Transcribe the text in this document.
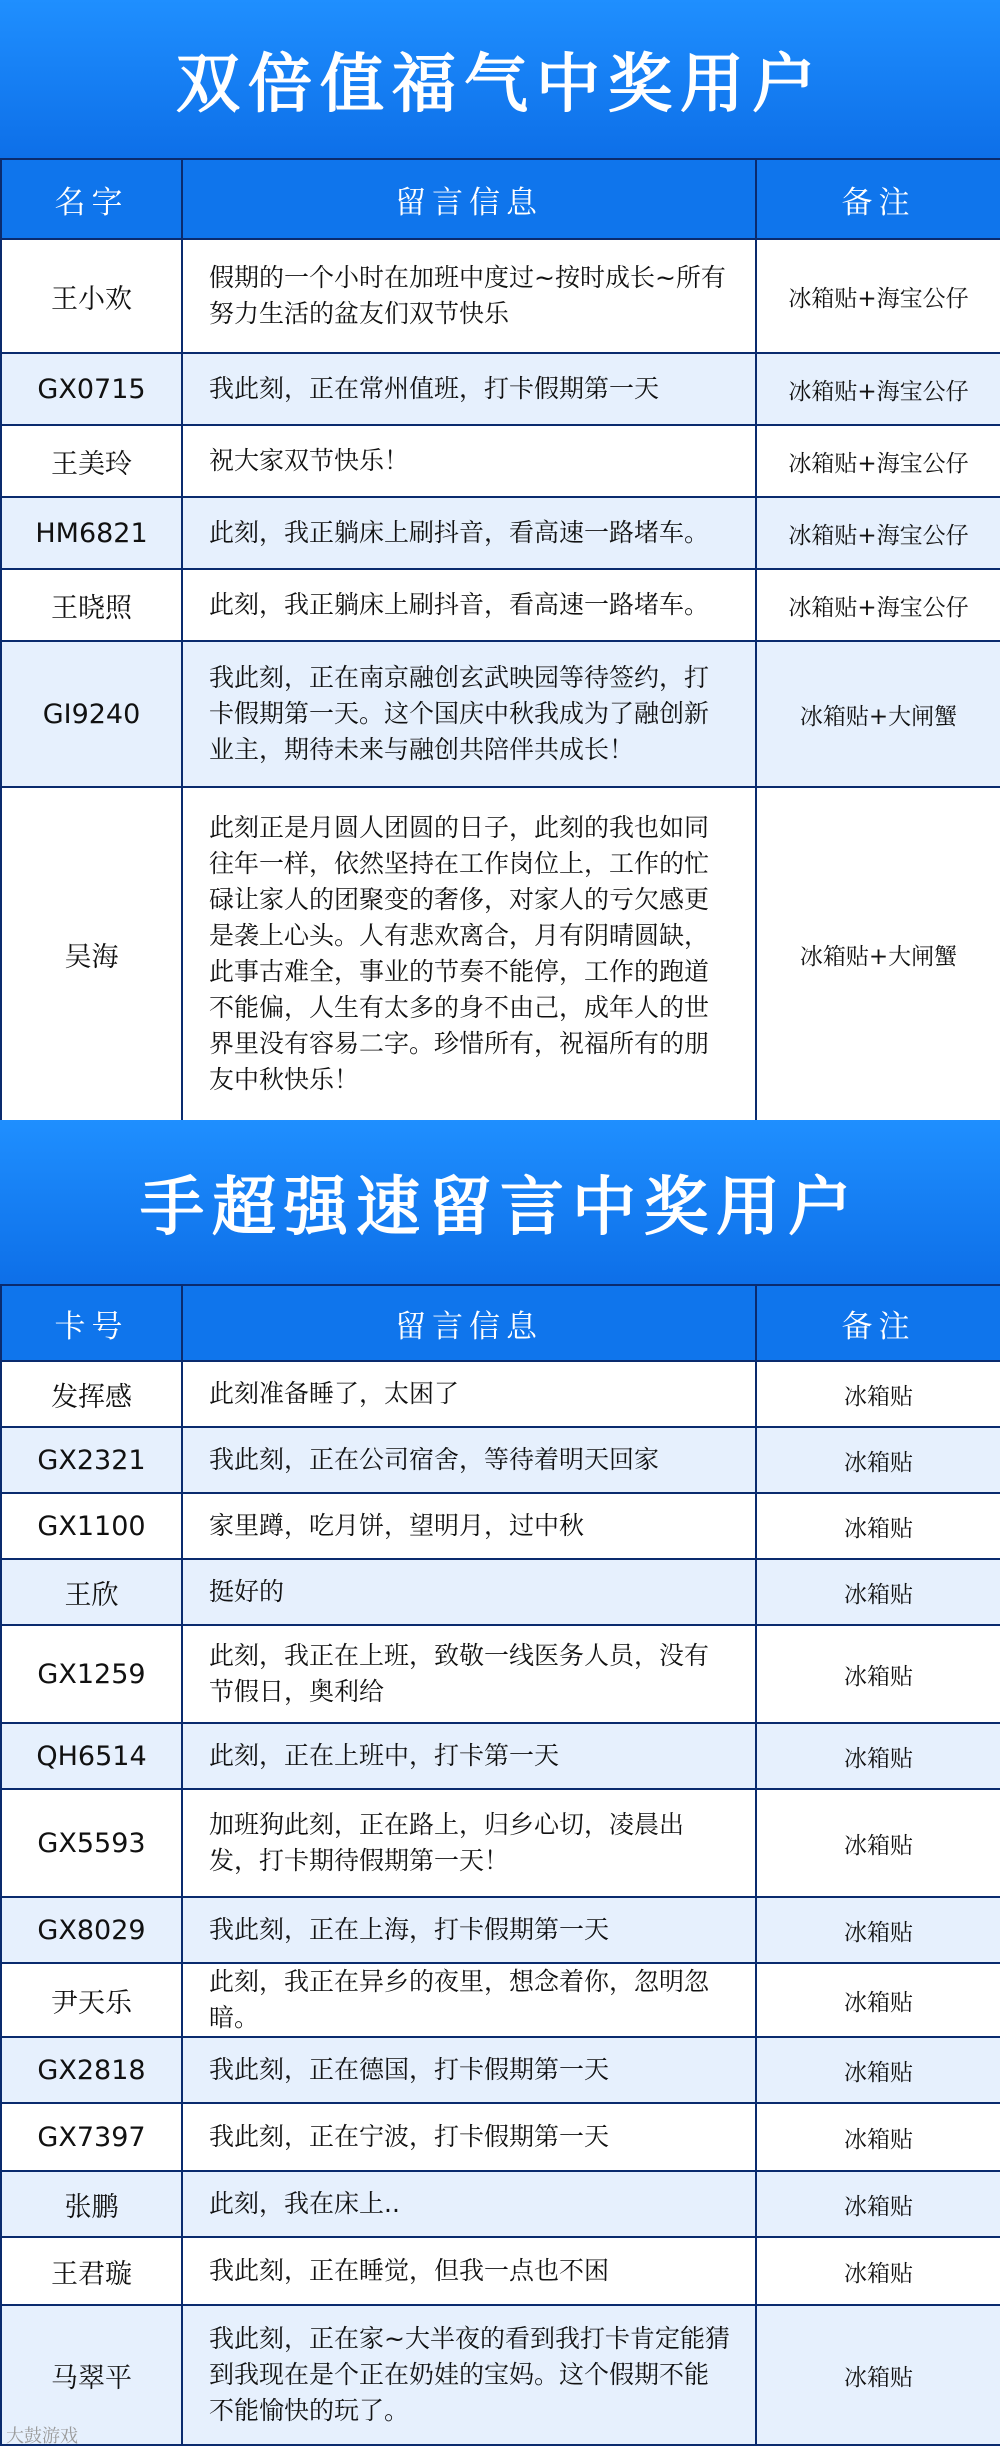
双倍值福气中奖用户
名字	留言信息	备注
王小欢	假期的一个小时在加班中度过~按时成长~所有努力生活的盆友们双节快乐	冰箱贴+海宝公仔
GX0715	我此刻，正在常州值班，打卡假期第一天	冰箱贴+海宝公仔
王美玲	祝大家双节快乐！	冰箱贴+海宝公仔
HM6821	此刻，我正躺床上刷抖音，看高速一路堵车。	冰箱贴+海宝公仔
王晓照	此刻，我正躺床上刷抖音，看高速一路堵车。	冰箱贴+海宝公仔
GI9240	我此刻，正在南京融创玄武映园等待签约，打卡假期第一天。这个国庆中秋我成为了融创新业主，期待未来与融创共陪伴共成长！	冰箱贴+大闸蟹
吴海	此刻正是月圆人团圆的日子，此刻的我也如同往年一样，依然坚持在工作岗位上，工作的忙碌让家人的团聚变的奢侈，对家人的亏欠感更是袭上心头。人有悲欢离合，月有阴晴圆缺，此事古难全，事业的节奏不能停，工作的跑道不能偏，人生有太多的身不由己，成年人的世界里没有容易二字。珍惜所有，祝福所有的朋友中秋快乐！	冰箱贴+大闸蟹
手超强速留言中奖用户
卡号	留言信息	备注
发挥感	此刻准备睡了，太困了	冰箱贴
GX2321	我此刻，正在公司宿舍，等待着明天回家	冰箱贴
GX1100	家里蹲，吃月饼，望明月，过中秋	冰箱贴
王欣	挺好的	冰箱贴
GX1259	此刻，我正在上班，致敬一线医务人员，没有节假日，奥利给	冰箱贴
QH6514	此刻，正在上班中，打卡第一天	冰箱贴
GX5593	加班狗此刻，正在路上，归乡心切，凌晨出发，打卡期待假期第一天！	冰箱贴
GX8029	我此刻，正在上海，打卡假期第一天	冰箱贴
尹天乐	此刻，我正在异乡的夜里，想念着你，忽明忽暗。	冰箱贴
GX2818	我此刻，正在德国，打卡假期第一天	冰箱贴
GX7397	我此刻，正在宁波，打卡假期第一天	冰箱贴
张鹏	此刻，我在床上..	冰箱贴
王君璇	我此刻，正在睡觉，但我一点也不困	冰箱贴
马翠平	我此刻，正在家~大半夜的看到我打卡肯定能猜到我现在是个正在奶娃的宝妈。这个假期不能不能愉快的玩了。	冰箱贴
大鼓游戏
